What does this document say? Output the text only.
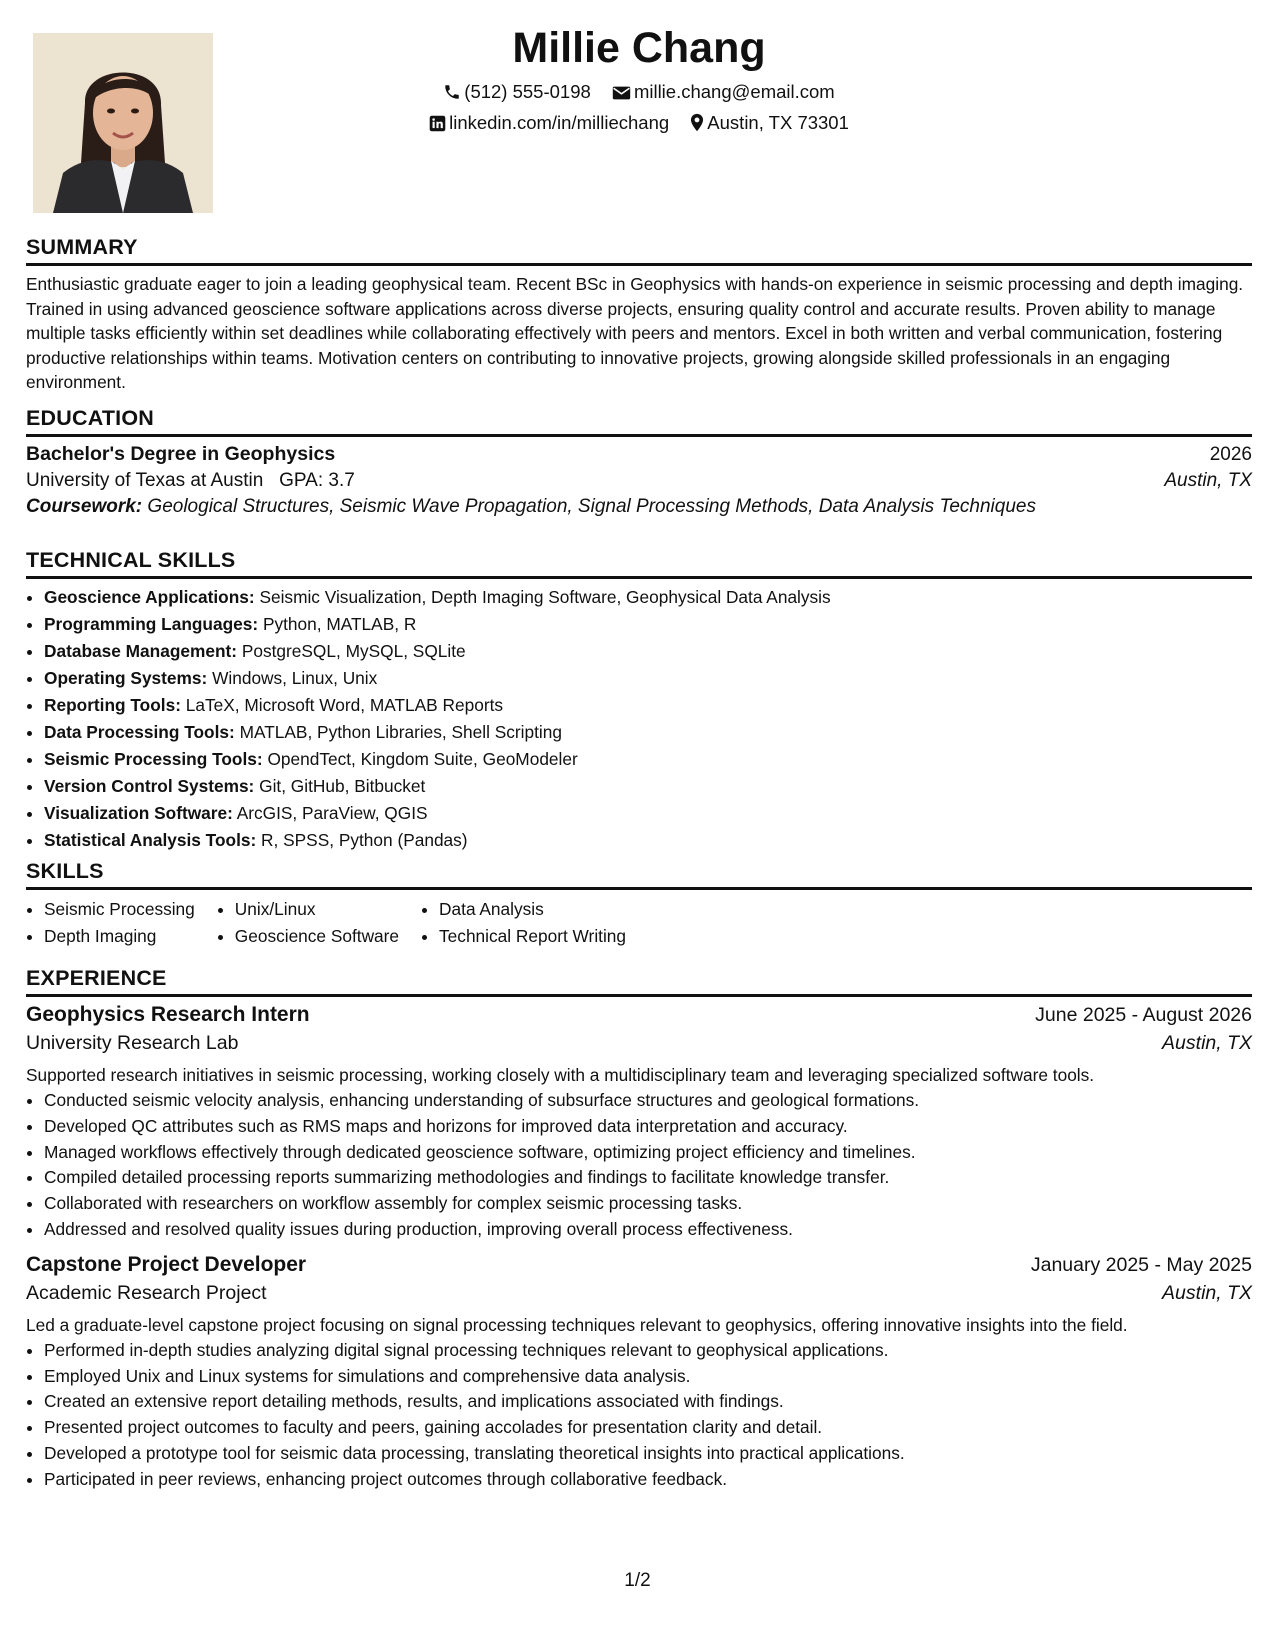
Millie Chang
(512) 555-0198 millie.chang@email.com
linkedin.com/in/milliechang Austin, TX 73301
SUMMARY

Enthusiastic graduate eager to join a leading geophysical team. Recent BSc in Geophysics with hands-on experience in seismic processing and depth imaging. Trained in using advanced geoscience software applications across diverse projects, ensuring quality control and accurate results. Proven ability to manage multiple tasks efficiently within set deadlines while collaborating effectively with peers and mentors. Excel in both written and verbal communication, fostering productive relationships within teams. Motivation centers on contributing to innovative projects, growing alongside skilled professionals in an engaging environment.

EDUCATION
Bachelor's Degree in Geophysics	2026
University of Texas at Austin GPA: 3.7	Austin, TX
Coursework: Geological Structures, Seismic Wave Propagation, Signal Processing Methods, Data Analysis Techniques
TECHNICAL SKILLS
• Geoscience Applications: Seismic Visualization, Depth Imaging Software, Geophysical Data Analysis
• Programming Languages: Python, MATLAB, R
• Database Management: PostgreSQL, MySQL, SQLite
• Operating Systems: Windows, Linux, Unix
• Reporting Tools: LaTeX, Microsoft Word, MATLAB Reports
• Data Processing Tools: MATLAB, Python Libraries, Shell Scripting
• Seismic Processing Tools: OpendTect, Kingdom Suite, GeoModeler
• Version Control Systems: Git, GitHub, Bitbucket
• Visualization Software: ArcGIS, ParaView, QGIS
• Statistical Analysis Tools: R, SPSS, Python (Pandas)
SKILLS
• Seismic Processing
• Depth Imaging
• Unix/Linux
• Geoscience Software
• Data Analysis
• Technical Report Writing
EXPERIENCE
Geophysics Research Intern	June 2025 - August 2026
University Research Lab	Austin, TX

Supported research initiatives in seismic processing, working closely with a multidisciplinary team and leveraging specialized software tools.

• Conducted seismic velocity analysis, enhancing understanding of subsurface structures and geological formations.
• Developed QC attributes such as RMS maps and horizons for improved data interpretation and accuracy.
• Managed workflows effectively through dedicated geoscience software, optimizing project efficiency and timelines.
• Compiled detailed processing reports summarizing methodologies and findings to facilitate knowledge transfer.
• Collaborated with researchers on workflow assembly for complex seismic processing tasks.
• Addressed and resolved quality issues during production, improving overall process effectiveness.
Capstone Project Developer	January 2025 - May 2025
Academic Research Project	Austin, TX

Led a graduate-level capstone project focusing on signal processing techniques relevant to geophysics, offering innovative insights into the field.

• Performed in-depth studies analyzing digital signal processing techniques relevant to geophysical applications.
• Employed Unix and Linux systems for simulations and comprehensive data analysis.
• Created an extensive report detailing methods, results, and implications associated with findings.
• Presented project outcomes to faculty and peers, gaining accolades for presentation clarity and detail.
• Developed a prototype tool for seismic data processing, translating theoretical insights into practical applications.
• Participated in peer reviews, enhancing project outcomes through collaborative feedback.
1/2
